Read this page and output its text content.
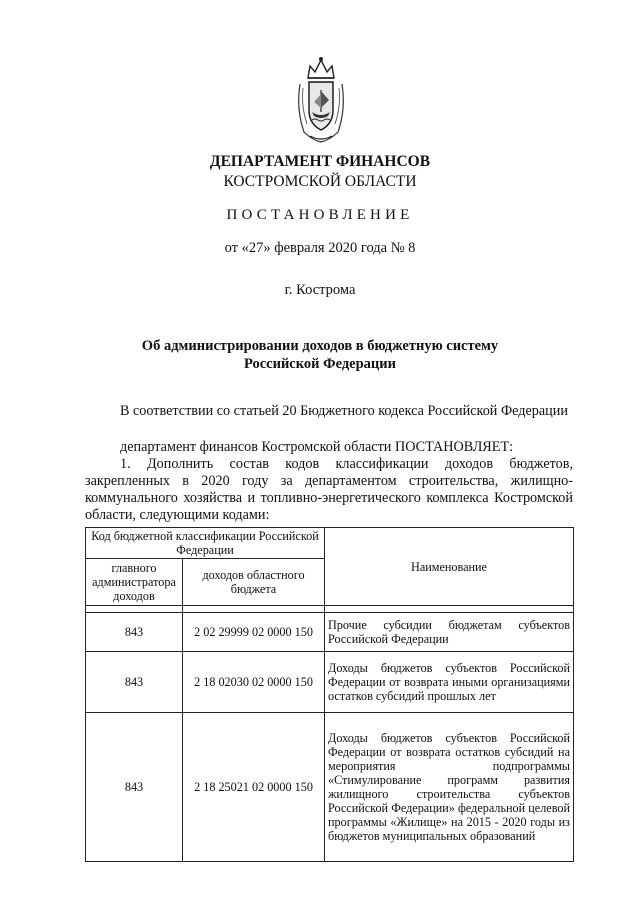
ДЕПАРТАМЕНТ ФИНАНСОВ
КОСТРОМСКОЙ ОБЛАСТИ
ПОСТАНОВЛЕНИЕ
от «27» февраля 2020 года № 8
г. Кострома
Об администрировании доходов в бюджетную систему
Российской Федерации
В соответствии со статьей 20 Бюджетного кодекса Российской Федерации
департамент финансов Костромской области ПОСТАНОВЛЯЕТ:
1. Дополнить состав кодов классификации доходов бюджетов, закрепленных в 2020 году за департаментом строительства, жилищно-коммунального хозяйства и топливно-энергетического комплекса Костромской области, следующими кодами:
Код бюджетной классификации Российской Федерации		Наименование
главного администратора доходов	доходов областного бюджета	

843	2 02 29999 02 0000 150	Прочие субсидии бюджетам субъектов Российской Федерации
843	2 18 02030 02 0000 150	Доходы бюджетов субъектов Российской Федерации от возврата иными организациями остатков субсидий прошлых лет
843	2 18 25021 02 0000 150	Доходы бюджетов субъектов Российской Федерации от возврата остатков субсидий на мероприятия подпрограммы «Стимулирование программ развития жилищного строительства субъектов Российской Федерации» федеральной целевой программы «Жилище» на 2015 - 2020 годы из бюджетов муниципальных образований
